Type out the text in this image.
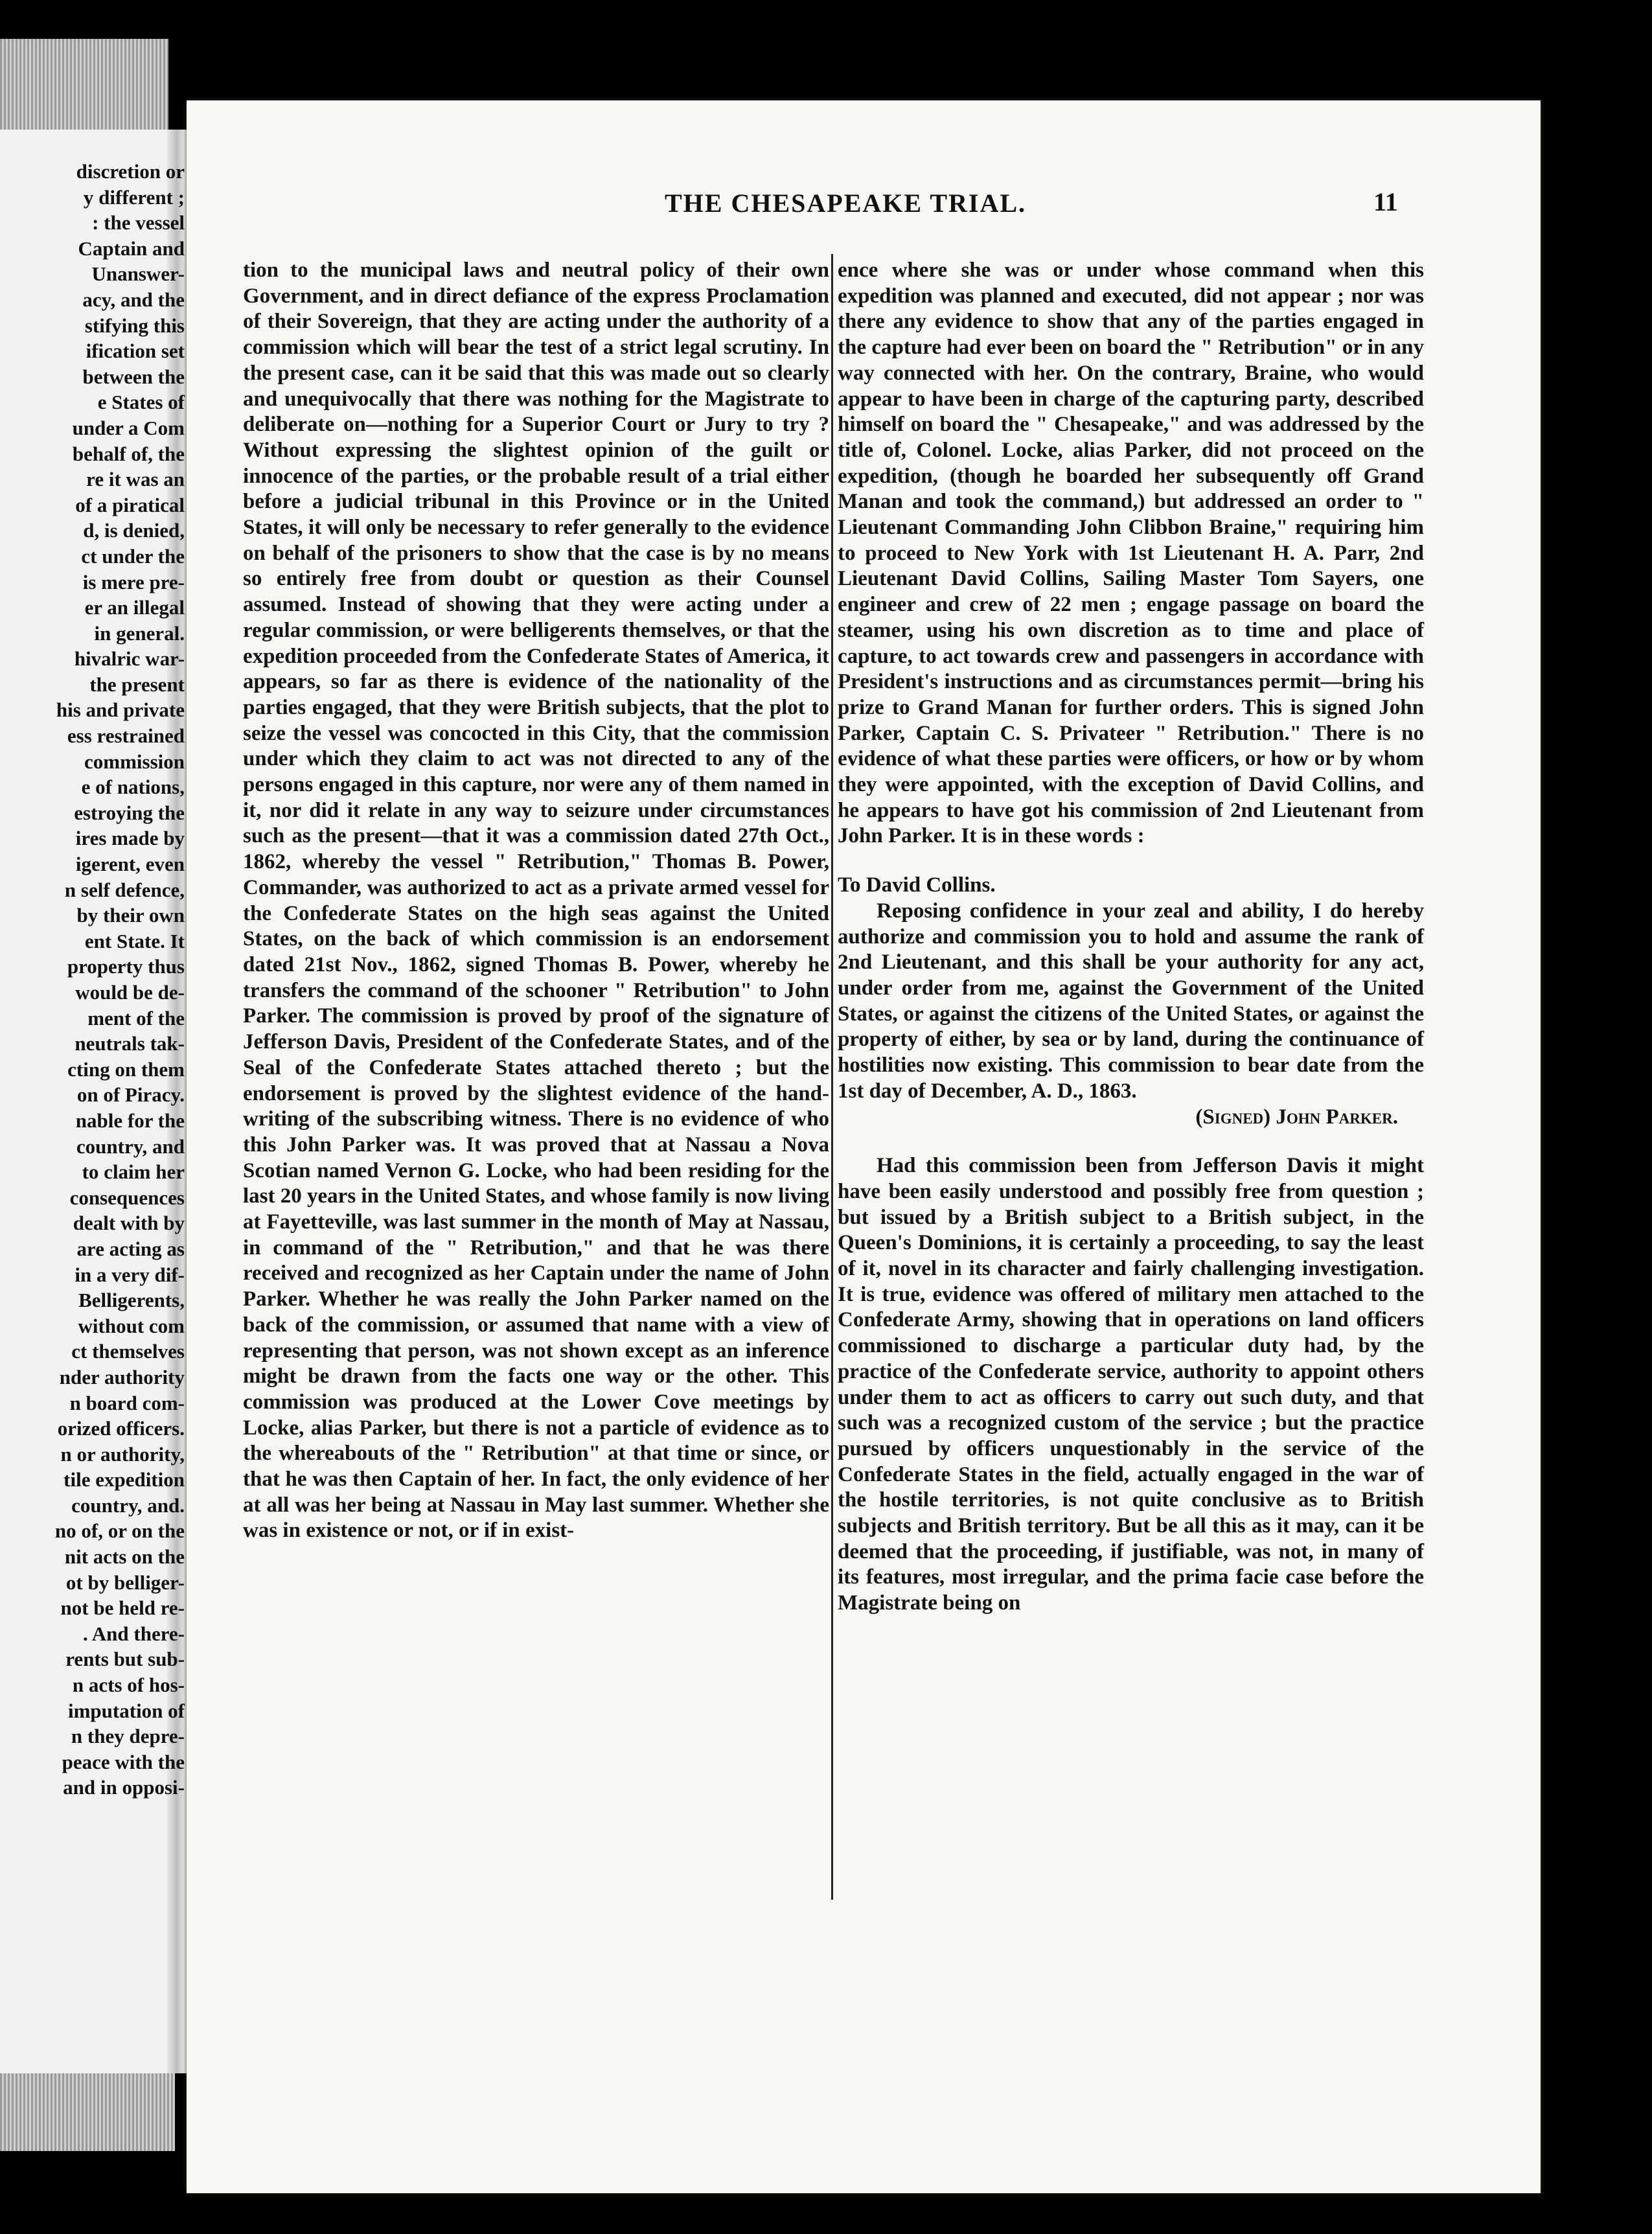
discretion or
y different ;
: the vessel
Captain and
Unanswer-
acy, and the
stifying this
ification set
between the
e States of
under a Com
behalf of, the
re it was an
of a piratical
d, is denied,
ct under the
is mere pre-
er an illegal
in general.
hivalric war-
the present
his and private
ess restrained
commission
e of nations,
estroying the
ires made by
igerent, even
n self defence,
by their own
ent State. It
property thus
would be de-
ment of the
neutrals tak-
cting on them
on of Piracy.
nable for the
country, and
to claim her
consequences
dealt with by
are acting as
in a very dif-
Belligerents,
without com
ct themselves
nder authority
n board com-
orized officers.
n or authority,
tile expedition
country, and.
no of, or on the
nit acts on the
ot by belliger-
not be held re-
. And there-
rents but sub-
n acts of hos-
imputation of
n they depre-
peace with the
and in opposi-
THE CHESAPEAKE TRIAL.	11

tion to the municipal laws and neutral policy of their own Government, and in direct defiance of the express Proclamation of their Sovereign, that they are acting under the authority of a commission which will bear the test of a strict legal scrutiny. In the present case, can it be said that this was made out so clearly and unequivocally that there was nothing for the Magistrate to deliberate on—nothing for a Superior Court or Jury to try ? Without expressing the slightest opinion of the guilt or innocence of the parties, or the probable result of a trial either before a judicial tribunal in this Province or in the United States, it will only be necessary to refer generally to the evidence on behalf of the prisoners to show that the case is by no means so entirely free from doubt or question as their Counsel assumed. Instead of showing that they were acting under a regular commission, or were belligerents themselves, or that the expedition proceeded from the Confederate States of America, it appears, so far as there is evidence of the nationality of the parties engaged, that they were British subjects, that the plot to seize the vessel was concocted in this City, that the commission under which they claim to act was not directed to any of the persons engaged in this capture, nor were any of them named in it, nor did it relate in any way to seizure under circumstances such as the present—that it was a commission dated 27th Oct., 1862, whereby the vessel " Retribution," Thomas B. Power, Commander, was authorized to act as a private armed vessel for the Confederate States on the high seas against the United States, on the back of which commission is an endorsement dated 21st Nov., 1862, signed Thomas B. Power, whereby he transfers the command of the schooner " Retribution" to John Parker. The commission is proved by proof of the signature of Jefferson Davis, President of the Confederate States, and of the Seal of the Confederate States attached thereto ; but the endorsement is proved by the slightest evidence of the hand-writing of the subscribing witness. There is no evidence of who this John Parker was. It was proved that at Nassau a Nova Scotian named Vernon G. Locke, who had been residing for the last 20 years in the United States, and whose family is now living at Fayetteville, was last summer in the month of May at Nassau, in command of the " Retribution," and that he was there received and recognized as her Captain under the name of John Parker. Whether he was really the John Parker named on the back of the commission, or assumed that name with a view of representing that person, was not shown except as an inference might be drawn from the facts one way or the other. This commission was produced at the Lower Cove meetings by Locke, alias Parker, but there is not a particle of evidence as to the whereabouts of the " Retribution" at that time or since, or that he was then Captain of her. In fact, the only evidence of her at all was her being at Nassau in May last summer. Whether she was in existence or not, or if in exist-

ence where she was or under whose command when this expedition was planned and executed, did not appear ; nor was there any evidence to show that any of the parties engaged in the capture had ever been on board the " Retribution" or in any way connected with her. On the contrary, Braine, who would appear to have been in charge of the capturing party, described himself on board the " Chesapeake," and was addressed by the title of, Colonel. Locke, alias Parker, did not proceed on the expedition, (though he boarded her subsequently off Grand Manan and took the command,) but addressed an order to " Lieutenant Commanding John Clibbon Braine," requiring him to proceed to New York with 1st Lieutenant H. A. Parr, 2nd Lieutenant David Collins, Sailing Master Tom Sayers, one engineer and crew of 22 men ; engage passage on board the steamer, using his own discretion as to time and place of capture, to act towards crew and passengers in accordance with President's instructions and as circumstances permit—bring his prize to Grand Manan for further orders. This is signed John Parker, Captain C. S. Privateer " Retribution." There is no evidence of what these parties were officers, or how or by whom they were appointed, with the exception of David Collins, and he appears to have got his commission of 2nd Lieutenant from John Parker. It is in these words :

To David Collins.

Reposing confidence in your zeal and ability, I do hereby authorize and commission you to hold and assume the rank of 2nd Lieutenant, and this shall be your authority for any act, under order from me, against the Government of the United States, or against the citizens of the United States, or against the property of either, by sea or by land, during the continuance of hostilities now existing. This commission to bear date from the 1st day of December, A. D., 1863.

(Signed) John Parker.

Had this commission been from Jefferson Davis it might have been easily understood and possibly free from question ; but issued by a British subject to a British subject, in the Queen's Dominions, it is certainly a proceeding, to say the least of it, novel in its character and fairly challenging investigation. It is true, evidence was offered of military men attached to the Confederate Army, showing that in operations on land officers commissioned to discharge a particular duty had, by the practice of the Confederate service, authority to appoint others under them to act as officers to carry out such duty, and that such was a recognized custom of the service ; but the practice pursued by officers unquestionably in the service of the Confederate States in the field, actually engaged in the war of the hostile territories, is not quite conclusive as to British subjects and British territory. But be all this as it may, can it be deemed that the proceeding, if justifiable, was not, in many of its features, most irregular, and the prima facie case before the Magistrate being on
